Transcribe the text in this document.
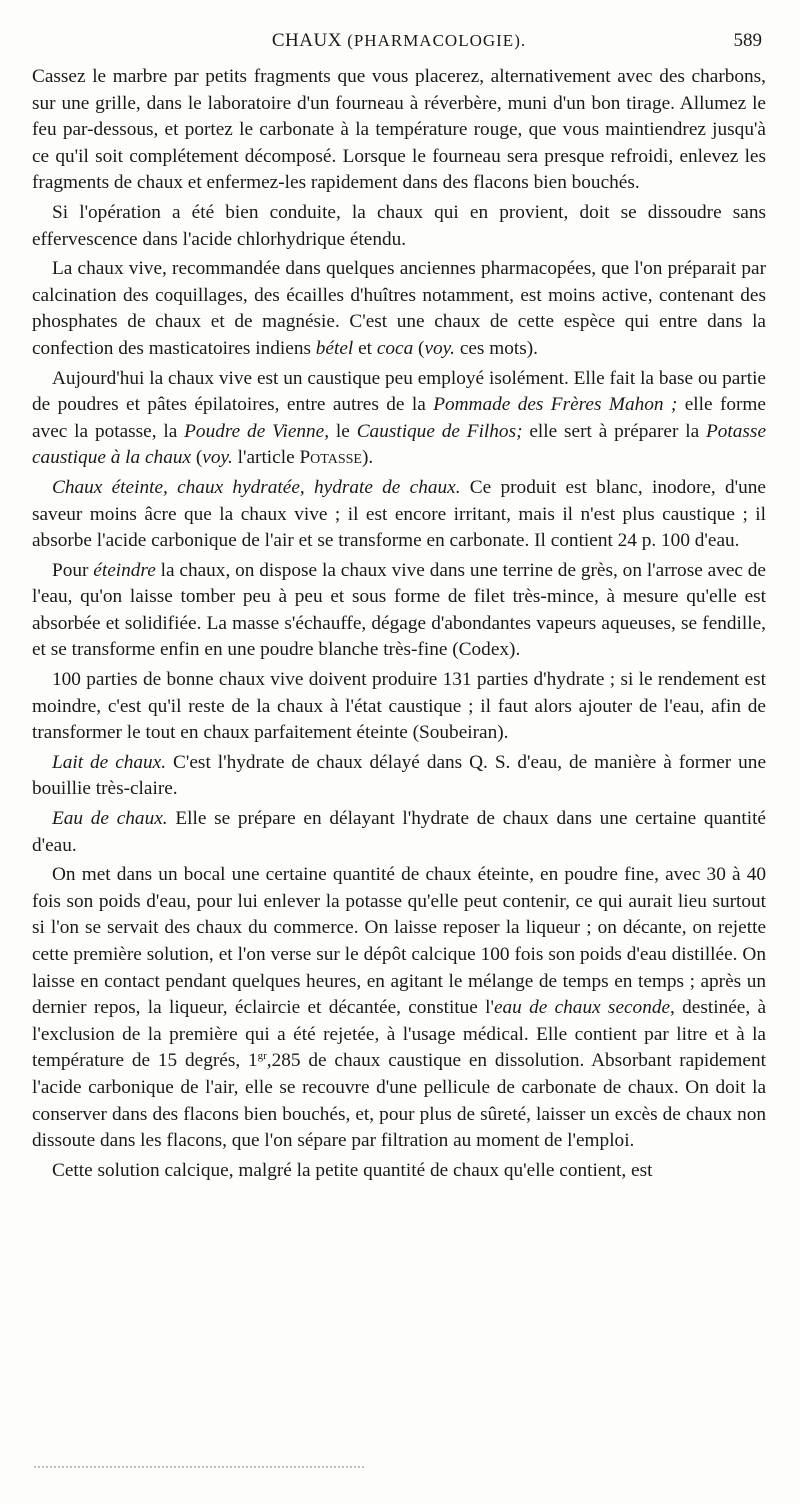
CHAUX (PHARMACOLOGIE).	589

Cassez le marbre par petits fragments que vous placerez, alternativement avec des charbons, sur une grille, dans le laboratoire d'un fourneau à réverbère, muni d'un bon tirage. Allumez le feu par-dessous, et portez le carbonate à la température rouge, que vous maintiendrez jusqu'à ce qu'il soit complétement décomposé. Lorsque le fourneau sera presque refroidi, enlevez les fragments de chaux et enfermez-les rapidement dans des flacons bien bouchés.

Si l'opération a été bien conduite, la chaux qui en provient, doit se dissoudre sans effervescence dans l'acide chlorhydrique étendu.

La chaux vive, recommandée dans quelques anciennes pharmacopées, que l'on préparait par calcination des coquillages, des écailles d'huîtres notamment, est moins active, contenant des phosphates de chaux et de magnésie. C'est une chaux de cette espèce qui entre dans la confection des masticatoires indiens bétel et coca (voy. ces mots).

Aujourd'hui la chaux vive est un caustique peu employé isolément. Elle fait la base ou partie de poudres et pâtes épilatoires, entre autres de la Pommade des Frères Mahon ; elle forme avec la potasse, la Poudre de Vienne, le Caustique de Filhos; elle sert à préparer la Potasse caustique à la chaux (voy. l'article Potasse).

Chaux éteinte, chaux hydratée, hydrate de chaux. Ce produit est blanc, inodore, d'une saveur moins âcre que la chaux vive ; il est encore irritant, mais il n'est plus caustique ; il absorbe l'acide carbonique de l'air et se transforme en carbonate. Il contient 24 p. 100 d'eau.

Pour éteindre la chaux, on dispose la chaux vive dans une terrine de grès, on l'arrose avec de l'eau, qu'on laisse tomber peu à peu et sous forme de filet très-mince, à mesure qu'elle est absorbée et solidifiée. La masse s'échauffe, dégage d'abondantes vapeurs aqueuses, se fendille, et se transforme enfin en une poudre blanche très-fine (Codex).

100 parties de bonne chaux vive doivent produire 131 parties d'hydrate ; si le rendement est moindre, c'est qu'il reste de la chaux à l'état caustique ; il faut alors ajouter de l'eau, afin de transformer le tout en chaux parfaitement éteinte (Soubeiran).

Lait de chaux. C'est l'hydrate de chaux délayé dans Q. S. d'eau, de manière à former une bouillie très-claire.

Eau de chaux. Elle se prépare en délayant l'hydrate de chaux dans une certaine quantité d'eau.

On met dans un bocal une certaine quantité de chaux éteinte, en poudre fine, avec 30 à 40 fois son poids d'eau, pour lui enlever la potasse qu'elle peut contenir, ce qui aurait lieu surtout si l'on se servait des chaux du commerce. On laisse reposer la liqueur ; on décante, on rejette cette première solution, et l'on verse sur le dépôt calcique 100 fois son poids d'eau distillée. On laisse en contact pendant quelques heures, en agitant le mélange de temps en temps ; après un dernier repos, la liqueur, éclaircie et décantée, constitue l'eau de chaux seconde, destinée, à l'exclusion de la première qui a été rejetée, à l'usage médical. Elle contient par litre et à la température de 15 degrés, $1^{gr},285$ de chaux caustique en dissolution. Absorbant rapidement l'acide carbonique de l'air, elle se recouvre d'une pellicule de carbonate de chaux. On doit la conserver dans des flacons bien bouchés, et, pour plus de sûreté, laisser un excès de chaux non dissoute dans les flacons, que l'on sépare par filtration au moment de l'emploi.

Cette solution calcique, malgré la petite quantité de chaux qu'elle contient, est
